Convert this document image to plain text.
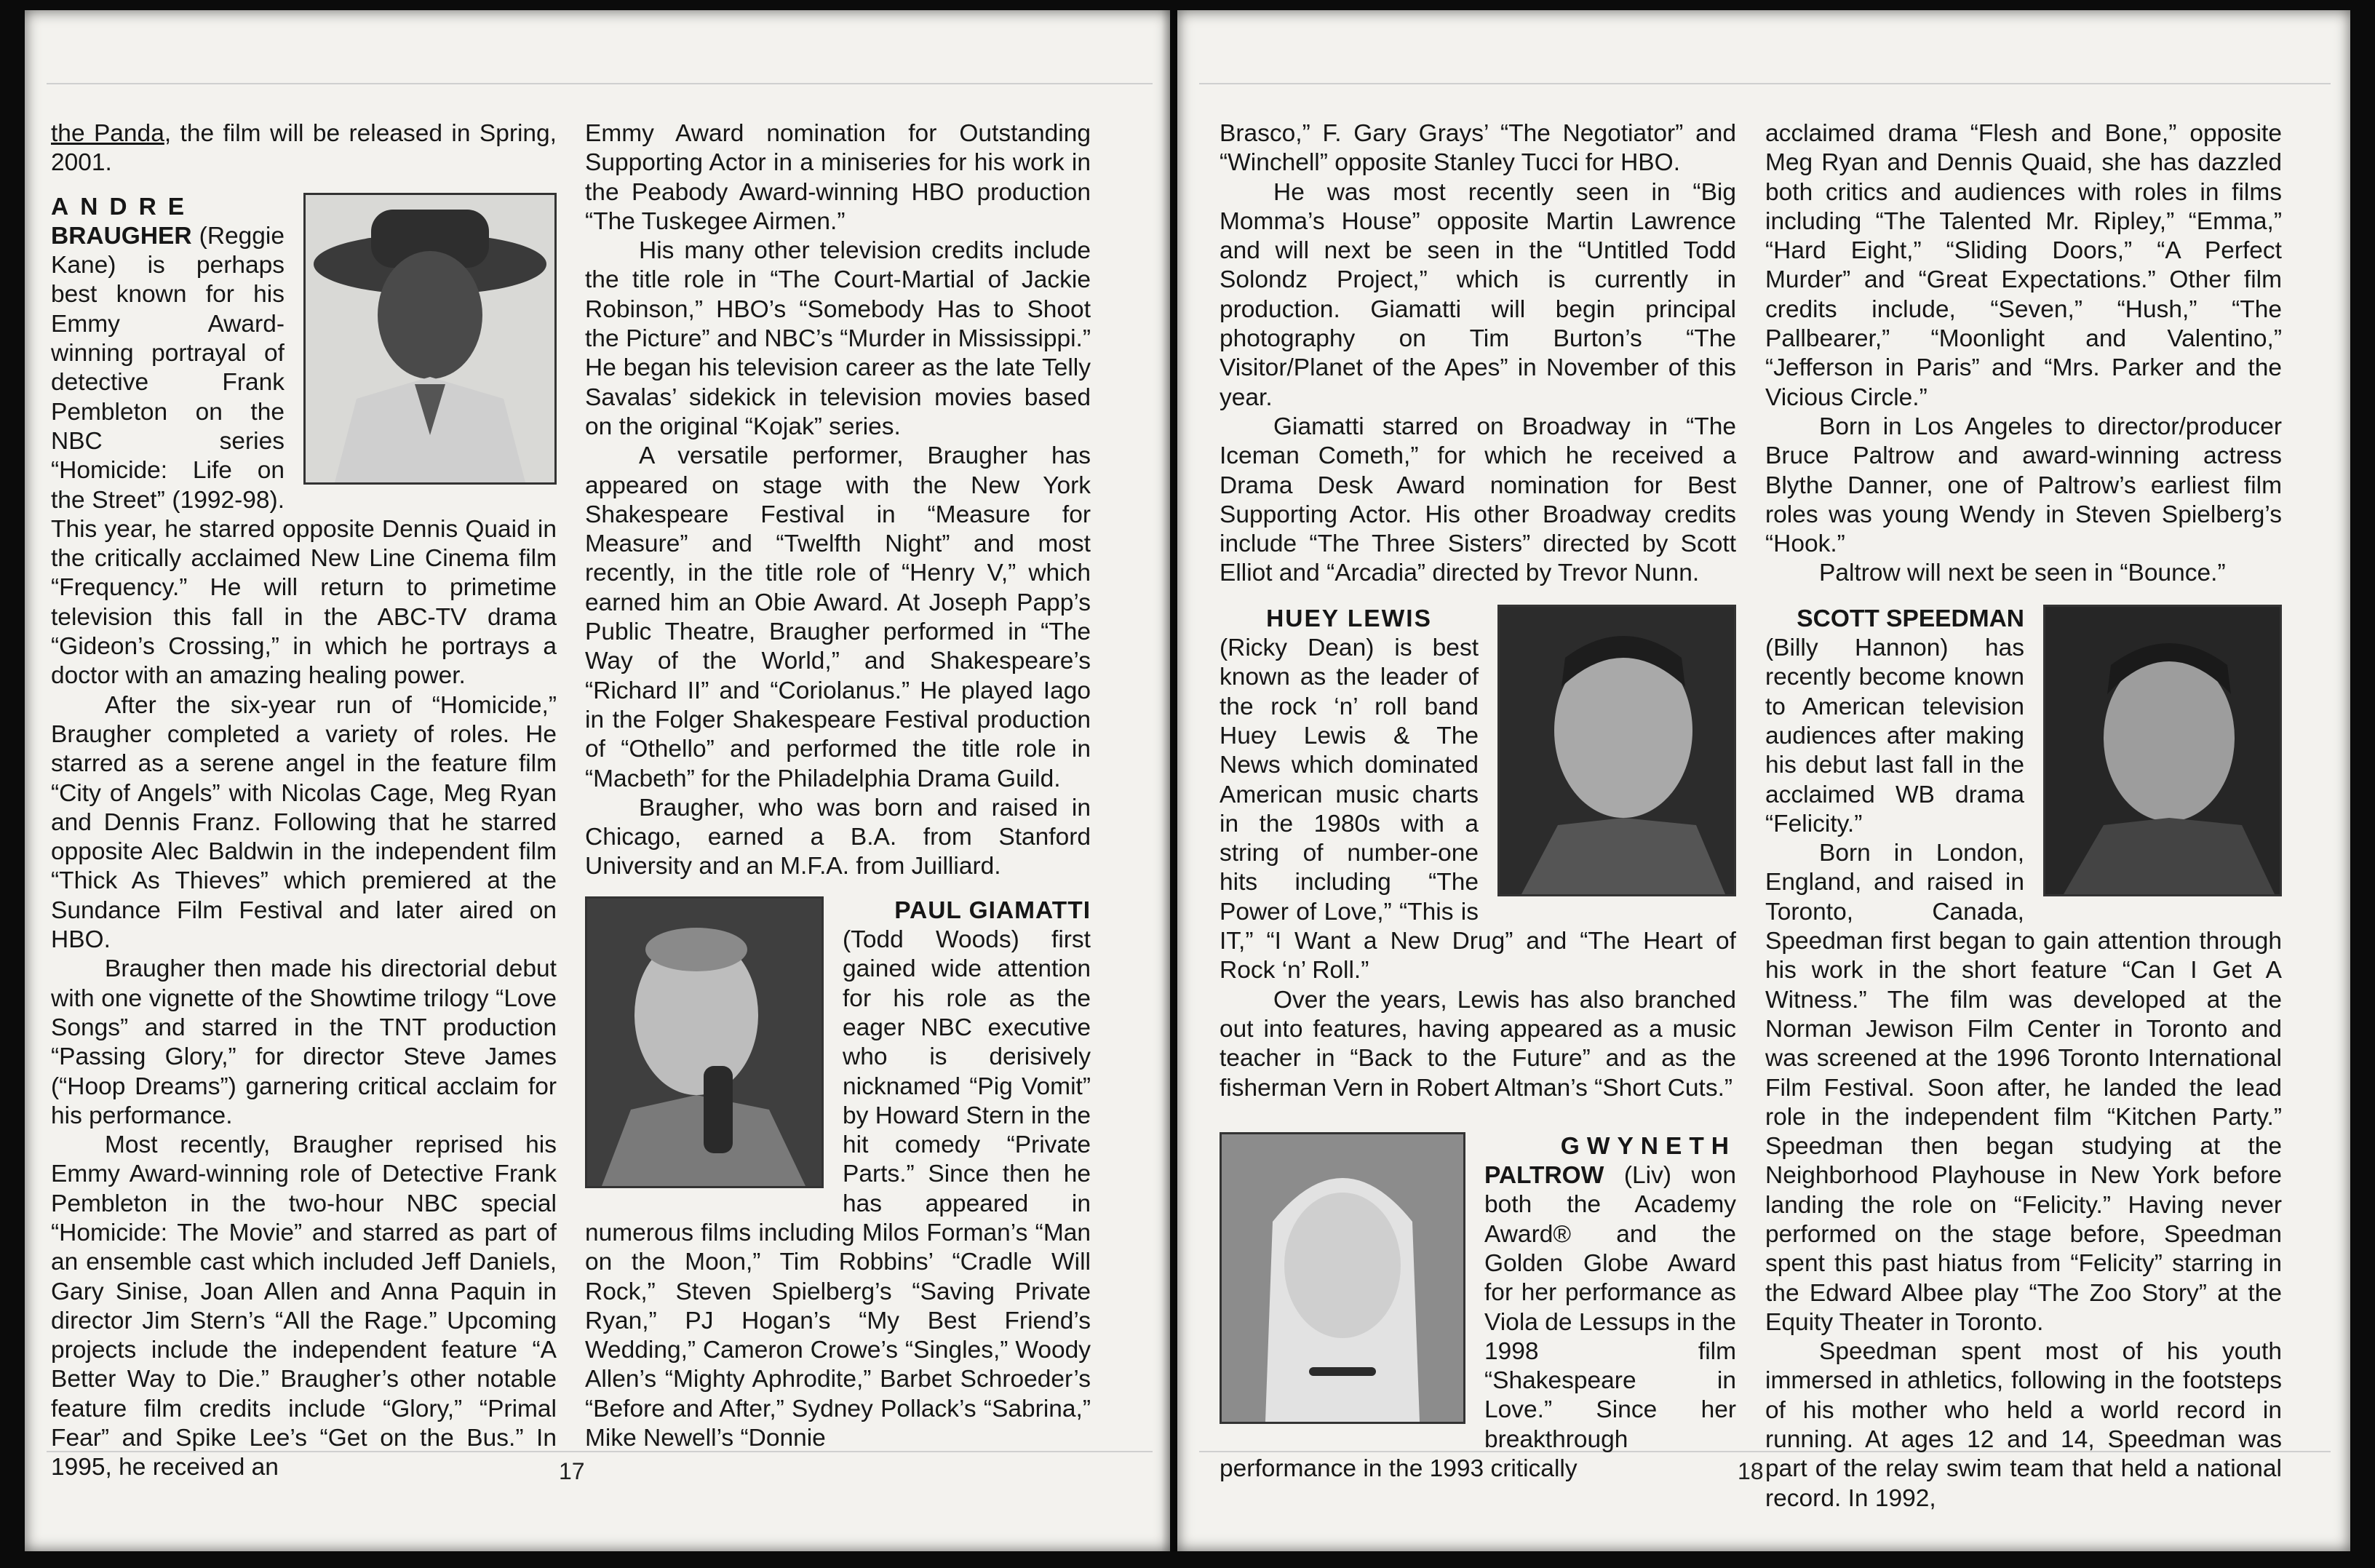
the Panda, the film will be released in Spring, 2001.

ANDRE
BRAUGHER (Reggie Kane) is perhaps best known for his Emmy Award-winning portrayal of detective Frank Pembleton on the NBC series “Homicide: Life on the Street” (1992-98). This year, he starred opposite Dennis Quaid in the critically acclaimed New Line Cinema film “Frequency.” He will return to primetime television this fall in the ABC-TV drama “Gideon’s Crossing,” in which he portrays a doctor with an amazing healing power.

After the six-year run of “Homicide,” Braugher completed a variety of roles. He starred as a serene angel in the feature film “City of Angels” with Nicolas Cage, Meg Ryan and Dennis Franz. Following that he starred opposite Alec Baldwin in the independent film “Thick As Thieves” which premiered at the Sundance Film Festival and later aired on HBO.

Braugher then made his directorial debut with one vignette of the Showtime trilogy “Love Songs” and starred in the TNT production “Passing Glory,” for director Steve James (“Hoop Dreams”) garnering critical acclaim for his performance.

Most recently, Braugher reprised his Emmy Award-winning role of Detective Frank Pembleton in the two-hour NBC special “Homicide: The Movie” and starred as part of an ensemble cast which included Jeff Daniels, Gary Sinise, Joan Allen and Anna Paquin in director Jim Stern’s “All the Rage.” Upcoming projects include the independent feature “A Better Way to Die.” Braugher’s other notable feature film credits include “Glory,” “Primal Fear” and Spike Lee’s “Get on the Bus.” In 1995, he received an

Emmy Award nomination for Outstanding Supporting Actor in a miniseries for his work in the Peabody Award-winning HBO production “The Tuskegee Airmen.”

His many other television credits include the title role in “The Court-Martial of Jackie Robinson,” HBO’s “Somebody Has to Shoot the Picture” and NBC’s “Murder in Mississippi.” He began his television career as the late Telly Savalas’ sidekick in television movies based on the original “Kojak” series.

A versatile performer, Braugher has appeared on stage with the New York Shakespeare Festival in “Measure for Measure” and “Twelfth Night” and most recently, in the title role of “Henry V,” which earned him an Obie Award. At Joseph Papp’s Public Theatre, Braugher performed in “The Way of the World,” and Shakespeare’s “Richard II” and “Coriolanus.” He played Iago in the Folger Shakespeare Festival production of “Othello” and performed the title role in “Macbeth” for the Philadelphia Drama Guild.

Braugher, who was born and raised in Chicago, earned a B.A. from Stanford University and an M.F.A. from Juilliard.

PAUL GIAMATTI
(Todd Woods) first gained wide attention for his role as the eager NBC executive who is derisively nicknamed “Pig Vomit” by Howard Stern in the hit comedy “Private Parts.” Since then he has appeared in numerous films including Milos Forman’s “Man on the Moon,” Tim Robbins’ “Cradle Will Rock,” Steven Spielberg’s “Saving Private Ryan,” PJ Hogan’s “My Best Friend’s Wedding,” Cameron Crowe’s “Singles,” Woody Allen’s “Mighty Aphrodite,” Barbet Schroeder’s “Before and After,” Sydney Pollack’s “Sabrina,” Mike Newell’s “Donnie

17

Brasco,” F. Gary Grays’ “The Negotiator” and “Winchell” opposite Stanley Tucci for HBO.

He was most recently seen in “Big Momma’s House” opposite Martin Lawrence and will next be seen in the “Untitled Todd Solondz Project,” which is currently in production. Giamatti will begin principal photography on Tim Burton’s “The Visitor/Planet of the Apes” in November of this year.

Giamatti starred on Broadway in “The Iceman Cometh,” for which he received a Drama Desk Award nomination for Best Supporting Actor. His other Broadway credits include “The Three Sisters” directed by Scott Elliot and “Arcadia” directed by Trevor Nunn.

HUEY LEWIS
(Ricky Dean) is best known as the leader of the rock ‘n’ roll band Huey Lewis & The News which dominated American music charts in the 1980s with a string of number-one hits including “The Power of Love,” “This is IT,” “I Want a New Drug” and “The Heart of Rock ‘n’ Roll.”

Over the years, Lewis has also branched out into features, having appeared as a music teacher in “Back to the Future” and as the fisherman Vern in Robert Altman’s “Short Cuts.”

GWYNETH
PALTROW (Liv) won both the Academy Award® and the Golden Globe Award for her performance as Viola de Lessups in the 1998 film “Shakespeare in Love.” Since her breakthrough performance in the 1993 critically

acclaimed drama “Flesh and Bone,” opposite Meg Ryan and Dennis Quaid, she has dazzled both critics and audiences with roles in films including “The Talented Mr. Ripley,” “Emma,” “Hard Eight,” “Sliding Doors,” “A Perfect Murder” and “Great Expectations.” Other film credits include, “Seven,” “Hush,” “The Pallbearer,” “Moonlight and Valentino,” “Jefferson in Paris” and “Mrs. Parker and the Vicious Circle.”

Born in Los Angeles to director/producer Bruce Paltrow and award-winning actress Blythe Danner, one of Paltrow’s earliest film roles was young Wendy in Steven Spielberg’s “Hook.”

Paltrow will next be seen in “Bounce.”

SCOTT SPEEDMAN
(Billy Hannon) has recently become known to American television audiences after making his debut last fall in the acclaimed WB drama “Felicity.”

Born in London, England, and raised in Toronto, Canada, Speedman first began to gain attention through his work in the short feature “Can I Get A Witness.” The film was developed at the Norman Jewison Film Center in Toronto and was screened at the 1996 Toronto International Film Festival. Soon after, he landed the lead role in the independent film “Kitchen Party.” Speedman then began studying at the Neighborhood Playhouse in New York before landing the role on “Felicity.” Having never performed on the stage before, Speedman spent this past hiatus from “Felicity” starring in the Edward Albee play “The Zoo Story” at the Equity Theater in Toronto.

Speedman spent most of his youth immersed in athletics, following in the footsteps of his mother who held a world record in running. At ages 12 and 14, Speedman was part of the relay swim team that held a national record. In 1992,

18
